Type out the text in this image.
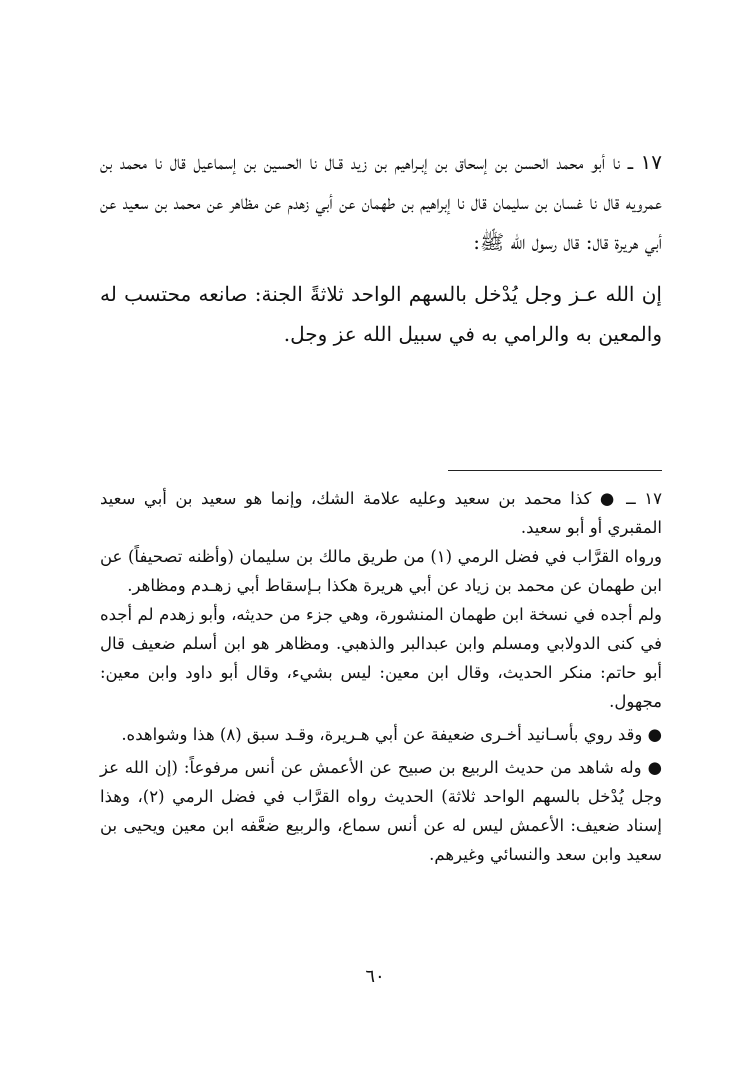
١٧ ــ نا أبو محمد الحسن بن إسحاق بن إبـراهيم بن زيد قـال نا الحسين بن إسماعيل قال نا محمد بن عمرويه قال نا غسان بن سليمان قال نا إبراهيم بن طهمان عن أبي زهدم عن مظاهر عن محمد بن سعيد عن أبي هريرة قال: قال رسول الله ﷺ:

إن الله عـز وجل يُدْخل بالسهم الواحد ثلاثةً الجنة: صانعه محتسب له والمعين به والرامي به في سبيل الله عز وجل.

١٧ ــ ● كذا محمد بن سعيد وعليه علامة الشك، وإنما هو سعيد بن أبي سعيد المقبري أو أبو سعيد.

ورواه القرَّاب في فضل الرمي (١) من طريق مالك بن سليمان (وأظنه تصحيفاً) عن ابن طهمان عن محمد بن زياد عن أبي هريرة هكذا بـإسقاط أبي زهـدم ومظاهر.

ولم أجده في نسخة ابن طهمان المنشورة، وهي جزء من حديثه، وأبو زهدم لم أجده في كنى الدولابي ومسلم وابن عبدالبر والذهبي. ومظاهر هو ابن أسلم ضعيف قال أبو حاتم: منكر الحديث، وقال ابن معين: ليس بشيء، وقال أبو داود وابن معين: مجهول.

● وقد روي بأسـانيد أخـرى ضعيفة عن أبي هـريرة، وقـد سبق (٨) هذا وشواهده.

● وله شاهد من حديث الربيع بن صبيح عن الأعمش عن أنس مرفوعاً: (إن الله عز وجل يُدْخل بالسهم الواحد ثلاثة) الحديث رواه القرَّاب في فضل الرمي (٢)، وهذا إسناد ضعيف: الأعمش ليس له عن أنس سماع، والربيع ضعَّفه ابن معين ويحيى بن سعيد وابن سعد والنسائي وغيرهم.

٦٠
